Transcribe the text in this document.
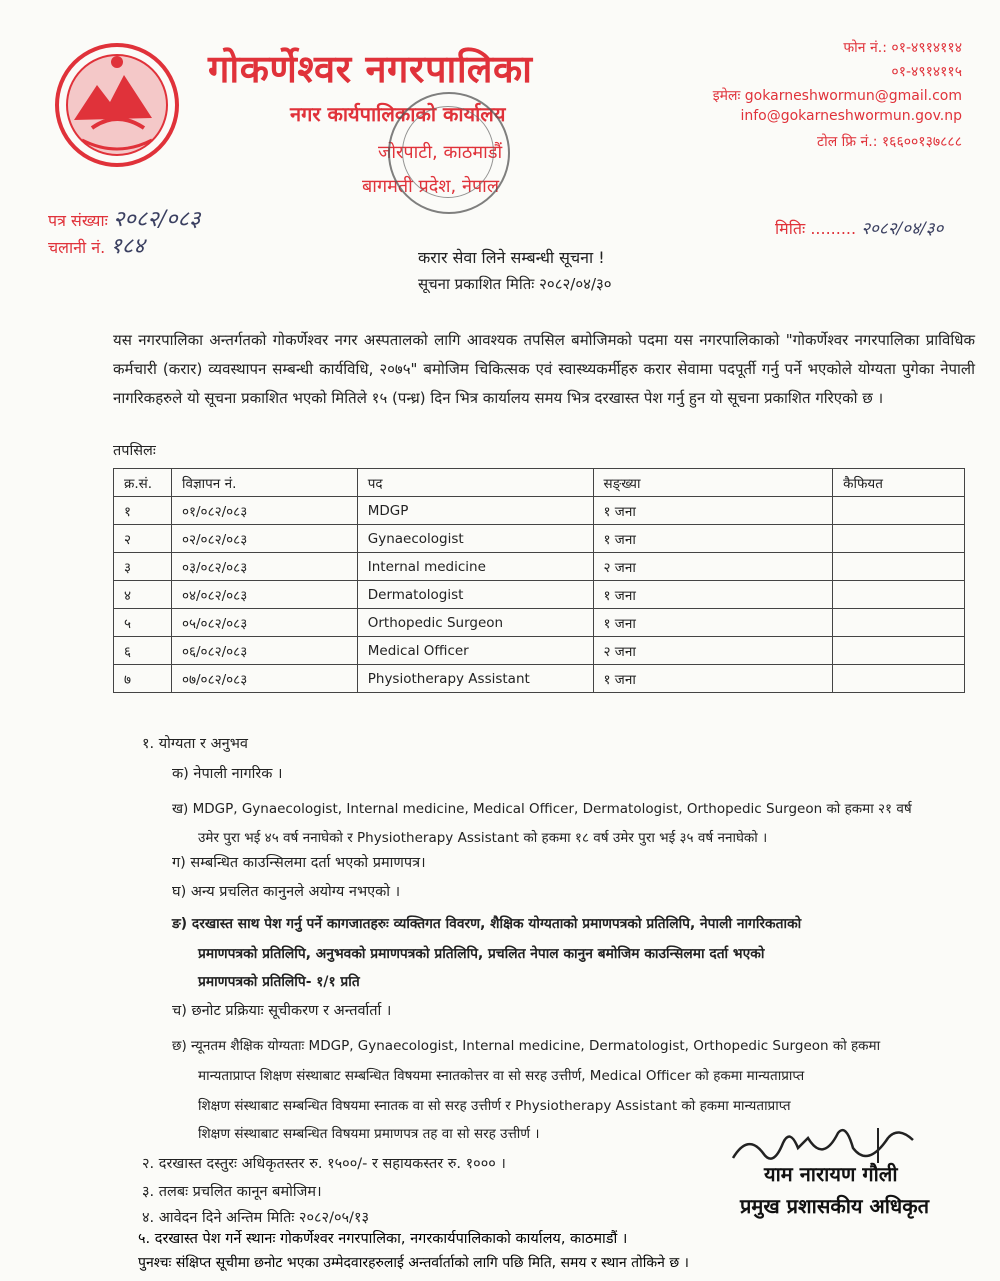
गोकर्णेश्वर नगरपालिका
नगर कार्यपालिकाको कार्यालय
जोरपाटी, काठमाडौं
बागमती प्रदेश, नेपाल
फोन नं.: ०१-४९१४११४
०१-४९१४११५
इमेलः gokarneshwormun@gmail.com
info@gokarneshwormun.gov.np
टोल फ्रि नं.: १६६००१३७८८८
पत्र संख्याः २०८२/०८३
चलानी नं. १८४
मितिः ......... २०८२/०४/३०
करार सेवा लिने सम्बन्धी सूचना !
सूचना प्रकाशित मितिः २०८२/०४/३०
यस नगरपालिका अन्तर्गतको गोकर्णेश्वर नगर अस्पतालको लागि आवश्यक तपसिल बमोजिमको पदमा यस नगरपालिकाको "गोकर्णेश्वर नगरपालिका प्राविधिक कर्मचारी (करार) व्यवस्थापन सम्बन्धी कार्यविधि, २०७५" बमोजिम चिकित्सक एवं स्वास्थ्यकर्मीहरु करार सेवामा पदपूर्ती गर्नु पर्ने भएकोले योग्यता पुगेका नेपाली नागरिकहरुले यो सूचना प्रकाशित भएको मितिले १५ (पन्ध्र) दिन भित्र कार्यालय समय भित्र दरखास्त पेश गर्नु हुन यो सूचना प्रकाशित गरिएको छ ।
तपसिलः
क्र.सं.	विज्ञापन नं.	पद	सङ्ख्या	कैफियत
१	०१/०८२/०८३	MDGP	१ जना	
२	०२/०८२/०८३	Gynaecologist	१ जना	
३	०३/०८२/०८३	Internal medicine	२ जना	
४	०४/०८२/०८३	Dermatologist	१ जना	
५	०५/०८२/०८३	Orthopedic Surgeon	१ जना	
६	०६/०८२/०८३	Medical Officer	२ जना	
७	०७/०८२/०८३	Physiotherapy Assistant	१ जना	
१. योग्यता र अनुभव
क) नेपाली नागरिक ।
ख) MDGP, Gynaecologist, Internal medicine, Medical Officer, Dermatologist, Orthopedic Surgeon को हकमा २१ वर्ष
उमेर पुरा भई ४५ वर्ष ननाघेको र Physiotherapy Assistant को हकमा १८ वर्ष उमेर पुरा भई ३५ वर्ष ननाघेको ।
ग) सम्बन्धित काउन्सिलमा दर्ता भएको प्रमाणपत्र।
घ) अन्य प्रचलित कानुनले अयोग्य नभएको ।
ङ) दरखास्त साथ पेश गर्नु पर्ने कागजातहरुः व्यक्तिगत विवरण, शैक्षिक योग्यताको प्रमाणपत्रको प्रतिलिपि, नेपाली नागरिकताको
प्रमाणपत्रको प्रतिलिपि, अनुभवको प्रमाणपत्रको प्रतिलिपि, प्रचलित नेपाल कानुन बमोजिम काउन्सिलमा दर्ता भएको
प्रमाणपत्रको प्रतिलिपि- १/१ प्रति
च) छनोट प्रक्रियाः सूचीकरण र अन्तर्वार्ता ।
छ) न्यूनतम शैक्षिक योग्यताः MDGP, Gynaecologist, Internal medicine, Dermatologist, Orthopedic Surgeon को हकमा
मान्यताप्राप्त शिक्षण संस्थाबाट सम्बन्धित विषयमा स्नातकोत्तर वा सो सरह उत्तीर्ण, Medical Officer को हकमा मान्यताप्राप्त
शिक्षण संस्थाबाट सम्बन्धित विषयमा स्नातक वा सो सरह उत्तीर्ण र Physiotherapy Assistant को हकमा मान्यताप्राप्त
शिक्षण संस्थाबाट सम्बन्धित विषयमा प्रमाणपत्र तह वा सो सरह उत्तीर्ण ।
२. दरखास्त दस्तुरः अधिकृतस्तर रु. १५००/- र सहायकस्तर रु. १००० ।
३. तलबः प्रचलित कानून बमोजिम।
४. आवेदन दिने अन्तिम मितिः २०८२/०५/१३
५. दरखास्त पेश गर्ने स्थानः गोकर्णेश्वर नगरपालिका, नगरकार्यपालिकाको कार्यालय, काठमाडौं ।
पुनश्चः संक्षिप्त सूचीमा छनोट भएका उम्मेदवारहरुलाई अन्तर्वार्ताको लागि पछि मिति, समय र स्थान तोकिने छ ।
याम नारायण गौली
प्रमुख प्रशासकीय अधिकृत
